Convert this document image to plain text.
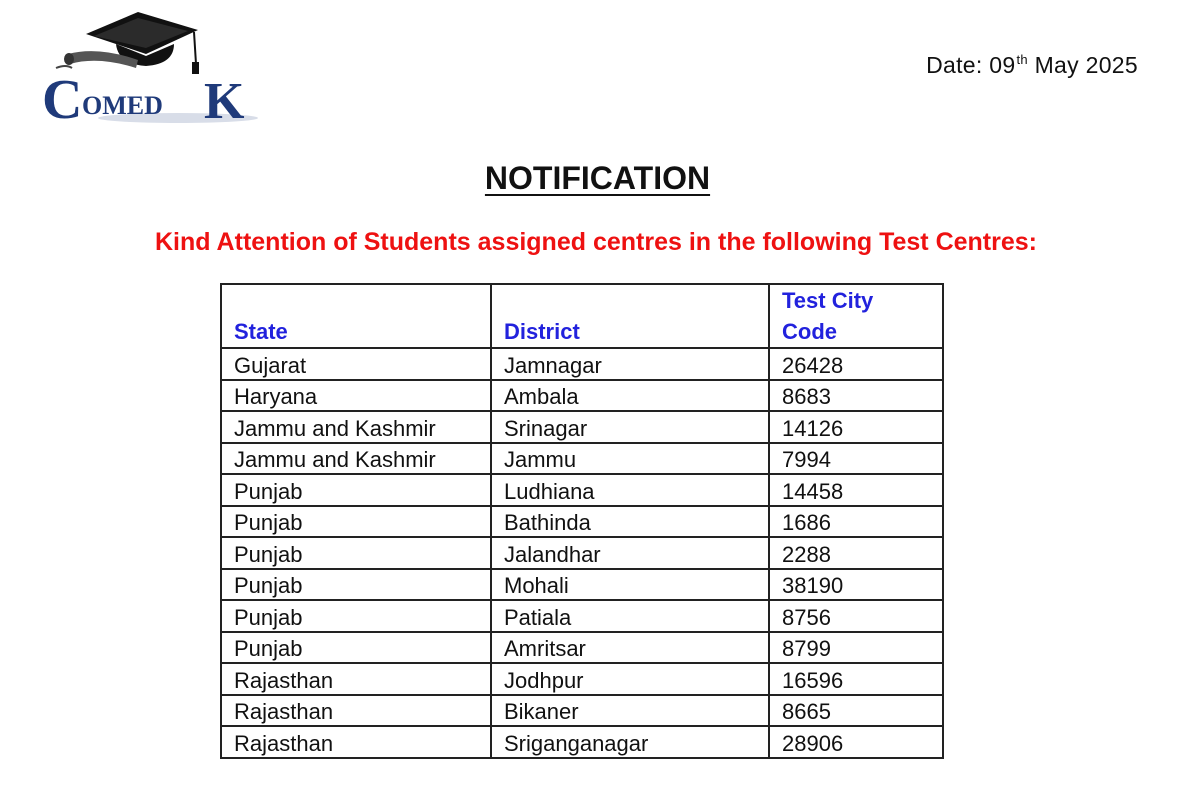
C OMED K
Date: 09th May 2025
NOTIFICATION
Kind Attention of Students assigned centres in the following Test Centres:
State	District	Test City Code
Gujarat	Jamnagar	26428
Haryana	Ambala	8683
Jammu and Kashmir	Srinagar	14126
Jammu and Kashmir	Jammu	7994
Punjab	Ludhiana	14458
Punjab	Bathinda	1686
Punjab	Jalandhar	2288
Punjab	Mohali	38190
Punjab	Patiala	8756
Punjab	Amritsar	8799
Rajasthan	Jodhpur	16596
Rajasthan	Bikaner	8665
Rajasthan	Sriganganagar	28906
